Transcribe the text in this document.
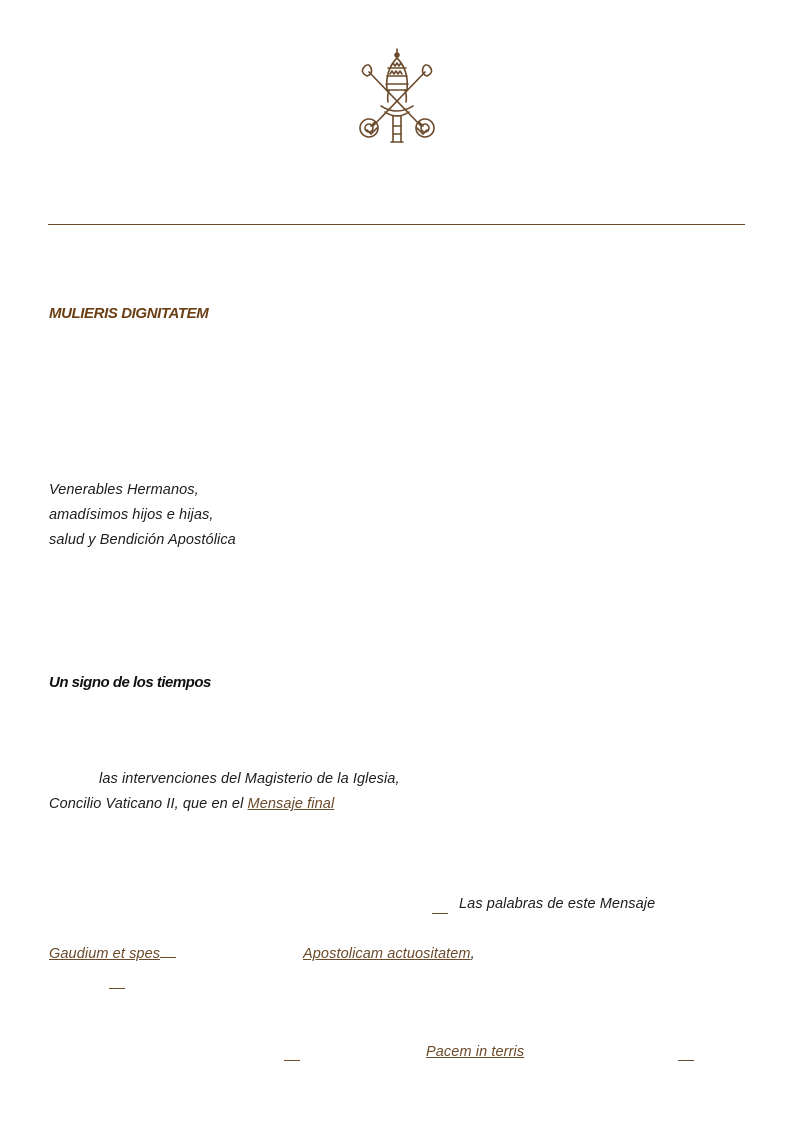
MULIERIS DIGNITATEM
Venerables Hermanos,
amadísimos hijos e hijas,
salud y Bendición Apostólica
Un signo de los tiempos
las intervenciones del Magisterio de la Iglesia,
Concilio Vaticano II, que en el Mensaje final
Las palabras de este Mensaje
Gaudium et spes	Apostolicam actuositatem,
Pacem in terris
